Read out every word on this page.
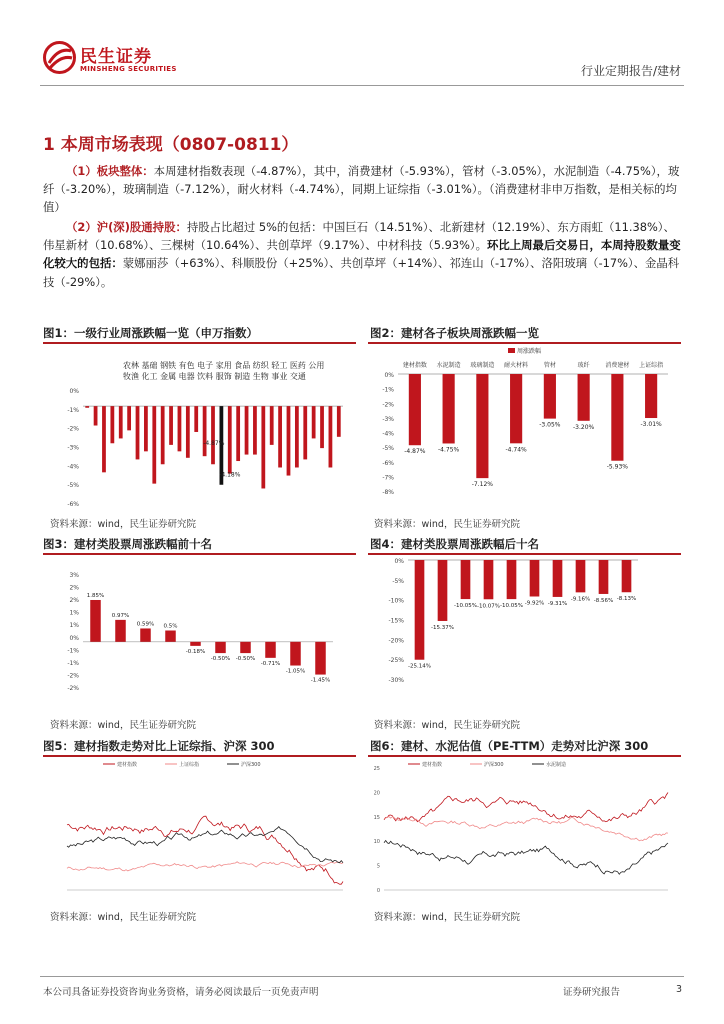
民生证券
MINSHENG SECURITIES	行业定期报告/建材
1 本周市场表现（0807-0811）
（1）板块整体：本周建材指数表现（-4.87%），其中，消费建材（-5.93%），管材（-3.05%），水泥制造（-4.75%），玻纤（-3.20%），玻璃制造（-7.12%），耐火材料（-4.74%），同期上证综指（-3.01%）。（消费建材非申万指数，是相关标的均值）
（2）沪(深)股通持股：持股占比超过 5%的包括：中国巨石（14.51%）、北新建材（12.19%）、东方雨虹（11.38%）、伟星新材（10.68%）、三棵树（10.64%）、共创草坪（9.17%）、中材科技（5.93%）。环比上周最后交易日，本周持股数量变化较大的包括：蒙娜丽莎（+63%）、科顺股份（+25%）、共创草坪（+14%）、祁连山（-17%）、洛阳玻璃（-17%）、金晶科技（-29%）。
图1：一级行业周涨跌幅一览（申万指数）
农林 基础 钢铁 有色 电子 家用 食品 纺织 轻工 医药 公用
牧渔 化工 金属 电器 饮料 服饰 制造 生物 事业 交通
0%
-1%
-2%
-3%
-4%
-5%
-6%
-4.87%
-4.18%
资料来源：wind，民生证券研究院
图2：建材各子板块周涨跌幅一览
0%
-1%
-2%
-3%
-4%
-5%
-6%
-7%
-8%
周涨跌幅
建材指数
-4.87%
水泥制造
-4.75%
玻璃制造
-7.12%
耐火材料
-4.74%
管材
-3.05%
玻纤
-3.20%
消费建材
-5.93%
上证综指
-3.01%
资料来源：wind，民生证券研究院
图3：建材类股票周涨跌幅前十名
3%
2%
2%
1%
1%
0%
-1%
-1%
-2%
-2%
1.85%
0.97%
0.59% 0.5%
-0.18%
-0.50% -0.50%
-0.71%
-1.05%
-1.45%
资料来源：wind，民生证券研究院
图4：建材类股票周涨跌幅后十名
0%
-5%
-10%
-15%
-20%
-25%
-30%
-25.14%
-15.37%
-10.05% -10.07% -10.05% -9.92% -9.31%
-9.16% -8.56% -8.13%
资料来源：wind，民生证券研究院
图5：建材指数走势对比上证综指、沪深 300
建材指数	上证综指	沪深300
资料来源：wind，民生证券研究院
图6：建材、水泥估值（PE-TTM）走势对比沪深 300
25
20
15
10
5
0
建材指数	沪深300	水泥制造
资料来源：wind，民生证券研究院
本公司具备证券投资咨询业务资格，请务必阅读最后一页免责声明	证券研究报告	3
